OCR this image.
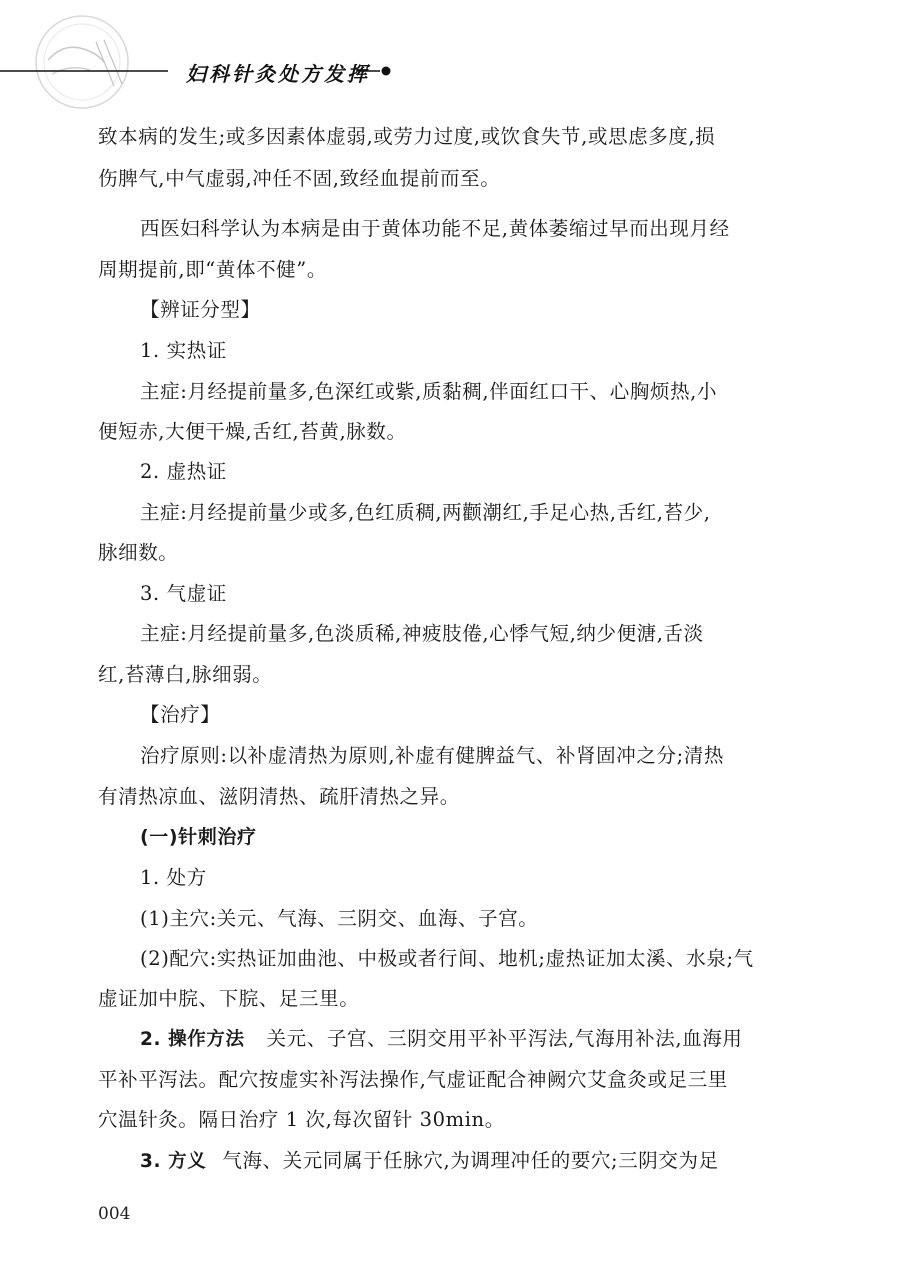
妇科针灸处方发挥
致本病的发生;或多因素体虚弱,或劳力过度,或饮食失节,或思虑多度,损
伤脾气,中气虚弱,冲任不固,致经血提前而至。
西医妇科学认为本病是由于黄体功能不足,黄体萎缩过早而出现月经
周期提前,即“黄体不健”。
【辨证分型】
1. 实热证
主症:月经提前量多,色深红或紫,质黏稠,伴面红口干、心胸烦热,小
便短赤,大便干燥,舌红,苔黄,脉数。
2. 虚热证
主症:月经提前量少或多,色红质稠,两颧潮红,手足心热,舌红,苔少,
脉细数。
3. 气虚证
主症:月经提前量多,色淡质稀,神疲肢倦,心悸气短,纳少便溏,舌淡
红,苔薄白,脉细弱。
【治疗】
治疗原则:以补虚清热为原则,补虚有健脾益气、补肾固冲之分;清热
有清热凉血、滋阴清热、疏肝清热之异。
(一)针刺治疗
1. 处方
(1)主穴:关元、气海、三阴交、血海、子宫。
(2)配穴:实热证加曲池、中极或者行间、地机;虚热证加太溪、水泉;气
虚证加中脘、下脘、足三里。
2. 操作方法 关元、子宫、三阴交用平补平泻法,气海用补法,血海用
平补平泻法。配穴按虚实补泻法操作,气虚证配合神阙穴艾盒灸或足三里
穴温针灸。隔日治疗 1 次,每次留针 30min。
3. 方义 气海、关元同属于任脉穴,为调理冲任的要穴;三阴交为足
004
